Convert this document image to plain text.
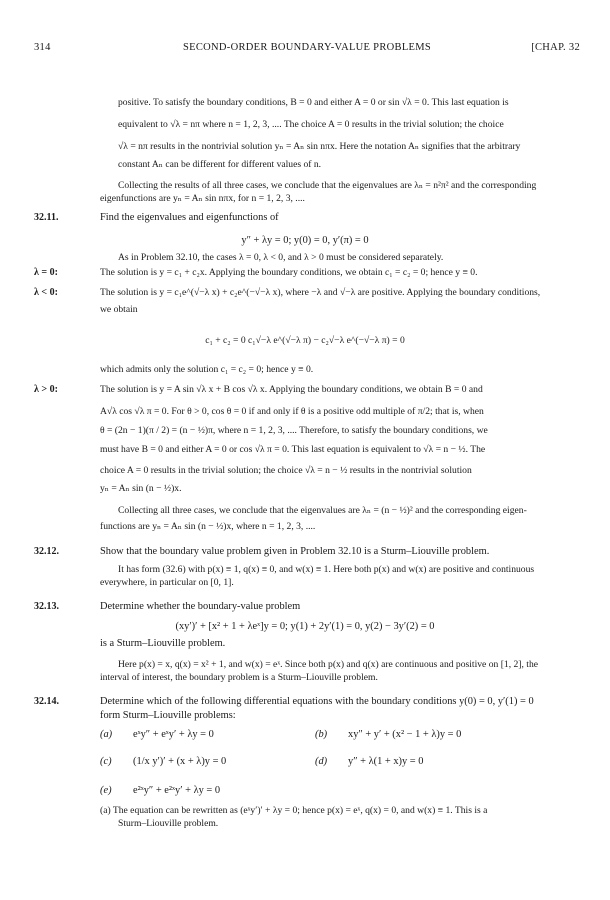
314	SECOND-ORDER BOUNDARY-VALUE PROBLEMS	[CHAP. 32
positive. To satisfy the boundary conditions, B = 0 and either A = 0 or sin √λ = 0. This last equation is
equivalent to √λ = nπ where n = 1, 2, 3, .... The choice A = 0 results in the trivial solution; the choice
√λ = nπ results in the nontrivial solution yₙ = Aₙ sin nπx. Here the notation Aₙ signifies that the arbitrary
constant Aₙ can be different for different values of n.
Collecting the results of all three cases, we conclude that the eigenvalues are λₙ = n²π² and the corresponding
eigenfunctions are yₙ = Aₙ sin nπx, for n = 1, 2, 3, ....
32.11.	Find the eigenvalues and eigenfunctions of
y″ + λy = 0; y(0) = 0, y′(π) = 0
As in Problem 32.10, the cases λ = 0, λ < 0, and λ > 0 must be considered separately.
λ = 0:	The solution is y = c₁ + c₂x. Applying the boundary conditions, we obtain c₁ = c₂ = 0; hence y ≡ 0.
λ < 0:	The solution is y = c₁e^(√−λ x) + c₂e^(−√−λ x), where −λ and √−λ are positive. Applying the boundary conditions,
we obtain
c₁ + c₂ = 0 c₁√−λ e^(√−λ π) − c₂√−λ e^(−√−λ π) = 0
which admits only the solution c₁ = c₂ = 0; hence y ≡ 0.
λ > 0:	The solution is y = A sin √λ x + B cos √λ x. Applying the boundary conditions, we obtain B = 0 and
A√λ cos √λ π = 0. For θ > 0, cos θ = 0 if and only if θ is a positive odd multiple of π/2; that is, when
θ = (2n − 1)(π / 2) = (n − ½)π, where n = 1, 2, 3, .... Therefore, to satisfy the boundary conditions, we
must have B = 0 and either A = 0 or cos √λ π = 0. This last equation is equivalent to √λ = n − ½. The
choice A = 0 results in the trivial solution; the choice √λ = n − ½ results in the nontrivial solution
yₙ = Aₙ sin (n − ½)x.
Collecting all three cases, we conclude that the eigenvalues are λₙ = (n − ½)² and the corresponding eigen-
functions are yₙ = Aₙ sin (n − ½)x, where n = 1, 2, 3, ....
32.12.	Show that the boundary value problem given in Problem 32.10 is a Sturm–Liouville problem.
It has form (32.6) with p(x) ≡ 1, q(x) ≡ 0, and w(x) ≡ 1. Here both p(x) and w(x) are positive and continuous
everywhere, in particular on [0, 1].
32.13.	Determine whether the boundary-value problem
(xy′)′ + [x² + 1 + λeˣ]y = 0; y(1) + 2y′(1) = 0, y(2) − 3y′(2) = 0
is a Sturm–Liouville problem.
Here p(x) = x, q(x) = x² + 1, and w(x) = eˣ. Since both p(x) and q(x) are continuous and positive on [1, 2], the
interval of interest, the boundary problem is a Sturm–Liouville problem.
32.14.	Determine which of the following differential equations with the boundary conditions y(0) = 0, y′(1) = 0
form Sturm–Liouville problems:
(a) eˣy″ + eˣy′ + λy = 0	(b) xy″ + y′ + (x² − 1 + λ)y = 0
(c) (1/x y′)′ + (x + λ)y = 0	(d) y″ + λ(1 + x)y = 0
(e) e²ˣy″ + e²ˣy′ + λy = 0
(a) The equation can be rewritten as (eˣy′)′ + λy = 0; hence p(x) = eˣ, q(x) = 0, and w(x) ≡ 1. This is a
Sturm–Liouville problem.
